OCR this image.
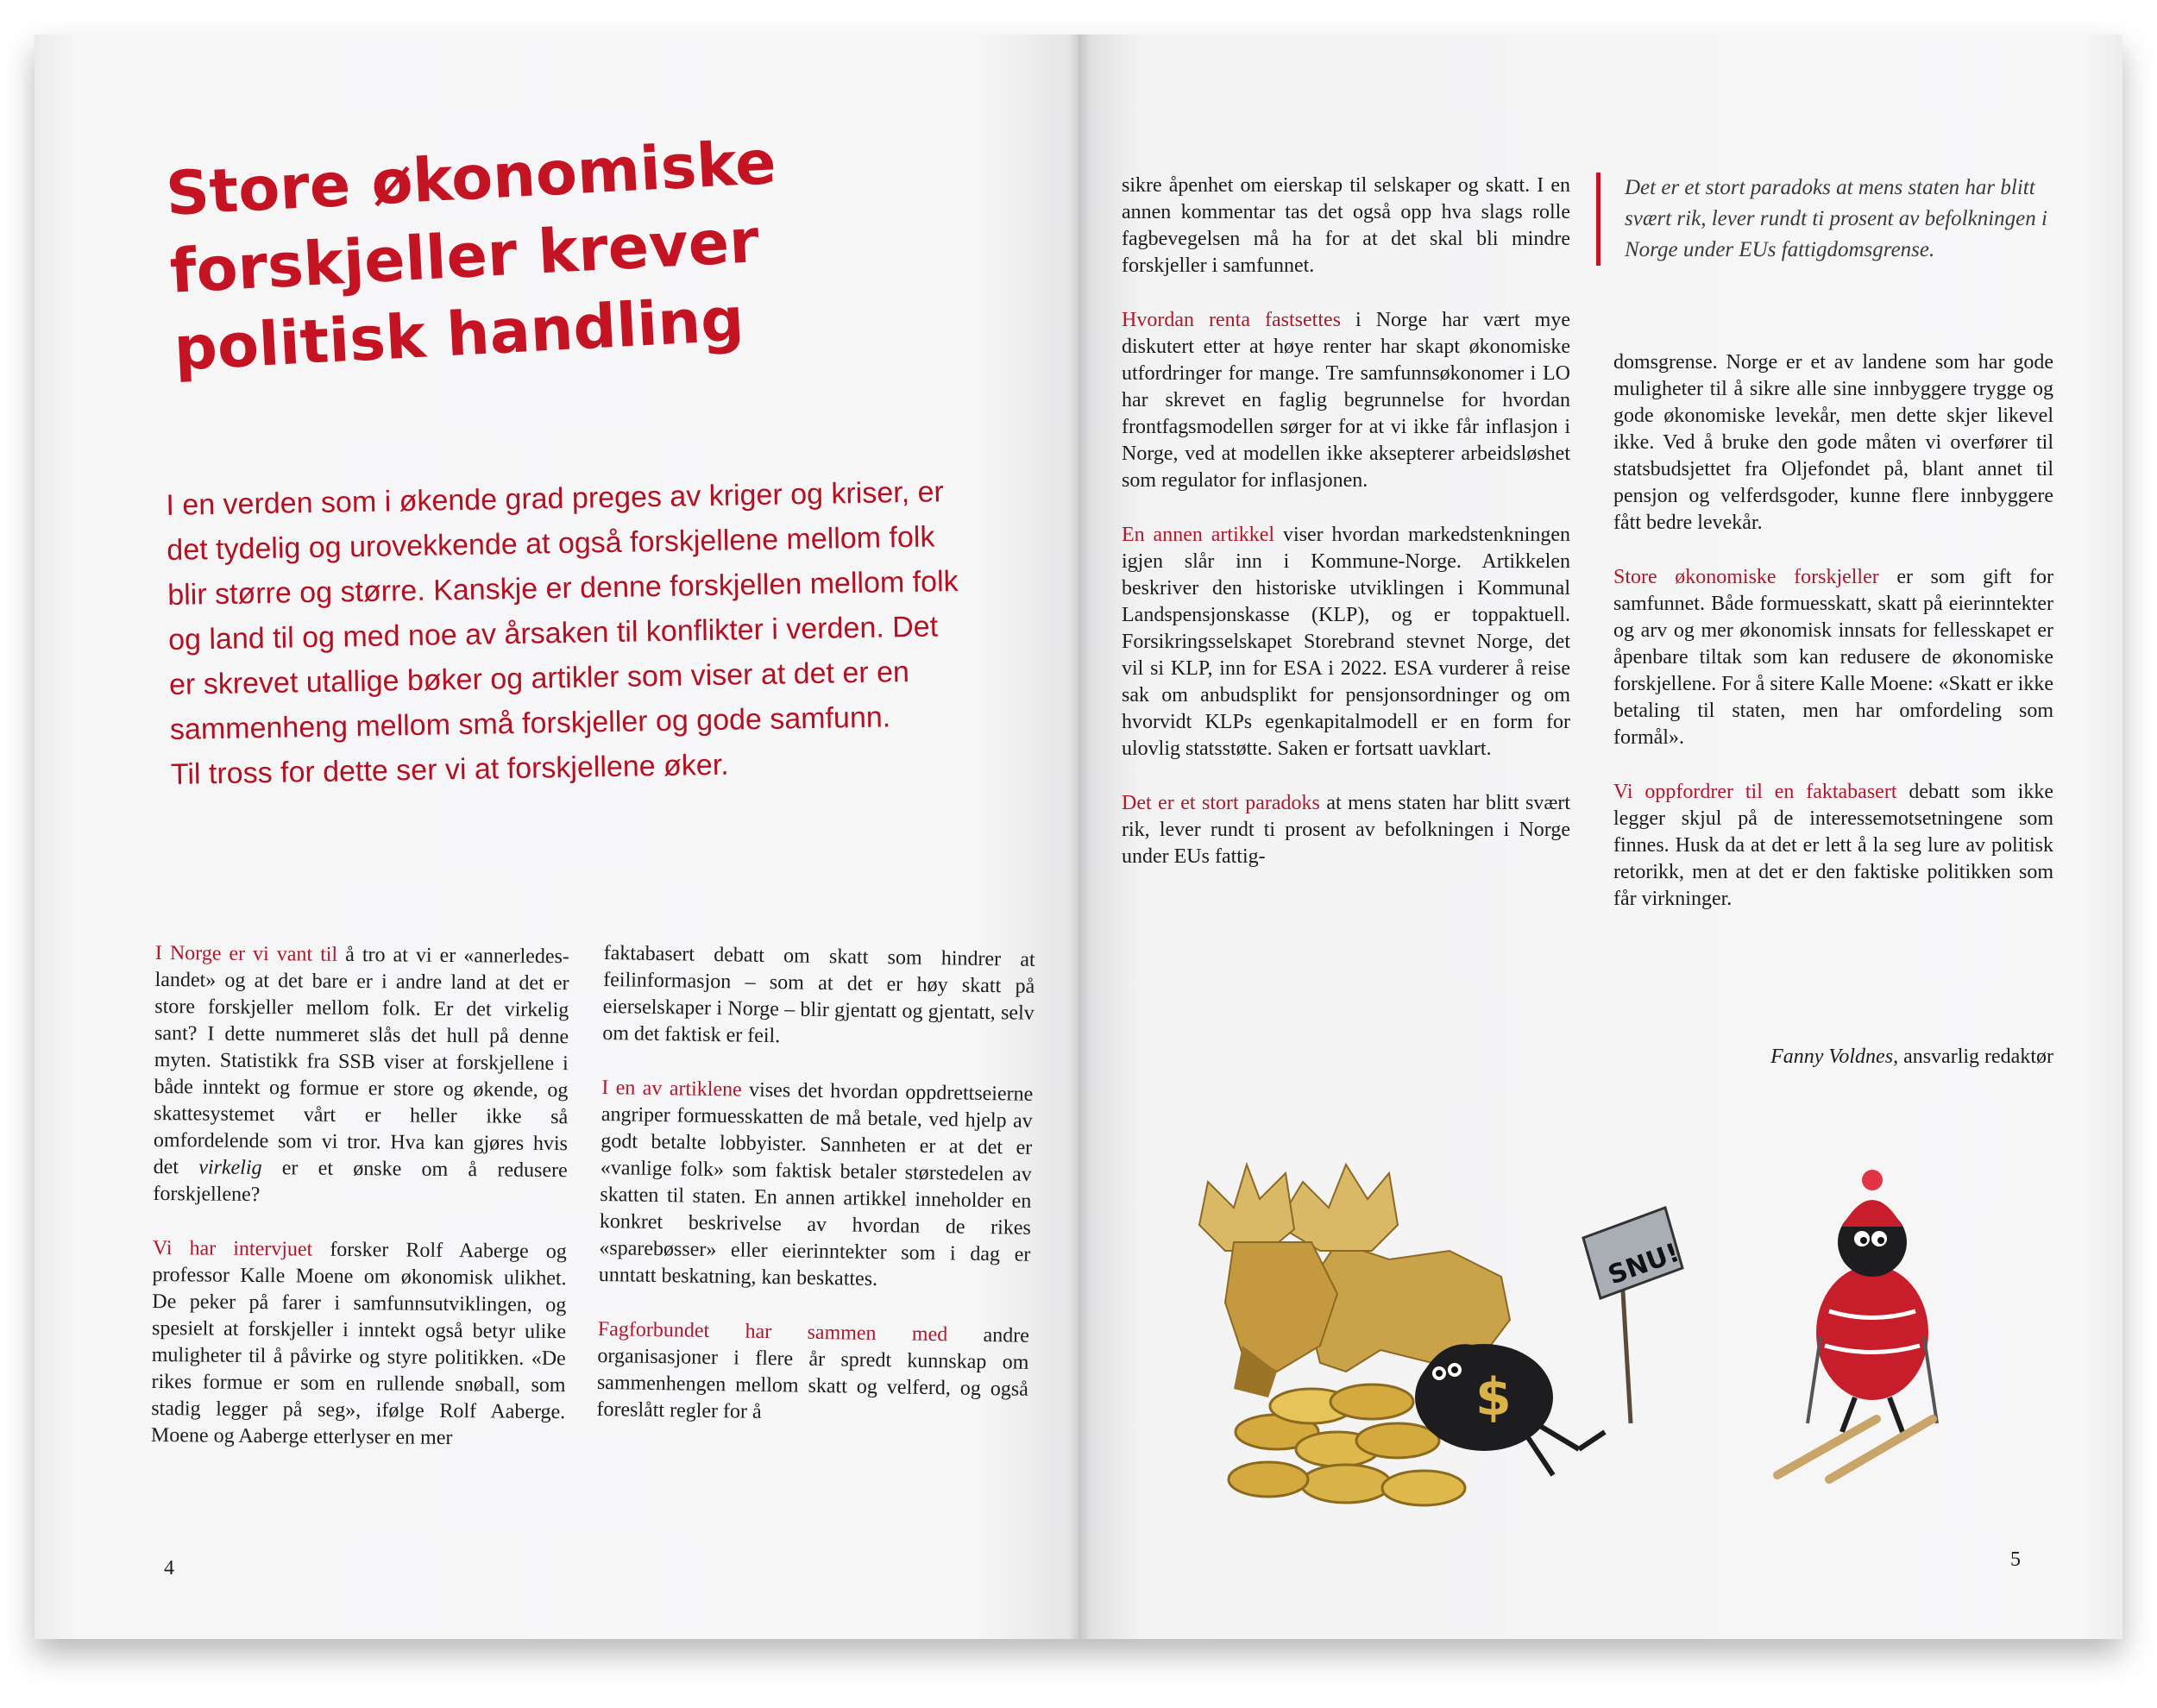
Store økonomiske
forskjeller krever
politisk handling

I en verden som i økende grad preges av kriger og kriser, er
det tydelig og urovekkende at også forskjellene mellom folk
blir større og større. Kanskje er denne forskjellen mellom folk
og land til og med noe av årsaken til konflikter i verden. Det
er skrevet utallige bøker og artikler som viser at det er en
sammenheng mellom små forskjeller og gode samfunn.
Til tross for dette ser vi at forskjellene øker.

I Norge er vi vant til å tro at vi er «annerledes-landet» og at det bare er i andre land at det er store forskjeller mellom folk. Er det virkelig sant? I dette nummeret slås det hull på denne myten. Statistikk fra SSB viser at forskjellene i både inntekt og formue er store og økende, og skattesystemet vårt er heller ikke så omfordelende som vi tror. Hva kan gjøres hvis det virkelig er et ønske om å redusere forskjellene?

Vi har intervjuet forsker Rolf Aaberge og professor Kalle Moene om økonomisk ulikhet. De peker på farer i samfunnsutviklingen, og spesielt at forskjeller i inntekt også betyr ulike muligheter til å påvirke og styre politikken. «De rikes formue er som en rullende snøball, som stadig legger på seg», ifølge Rolf Aaberge. Moene og Aaberge etterlyser en mer

faktabasert debatt om skatt som hindrer at feilinformasjon – som at det er høy skatt på eierselskaper i Norge – blir gjentatt og gjentatt, selv om det faktisk er feil.

I en av artiklene vises det hvordan oppdrettseierne angriper formuesskatten de må betale, ved hjelp av godt betalte lobbyister. Sannheten er at det er «vanlige folk» som faktisk betaler størstedelen av skatten til staten. En annen artikkel inneholder en konkret beskrivelse av hvordan de rikes «sparebøsser» eller eierinntekter som i dag er unntatt beskatning, kan beskattes.

Fagforbundet har sammen med andre organisasjoner i flere år spredt kunnskap om sammenhengen mellom skatt og velferd, og også foreslått regler for å

4

sikre åpenhet om eierskap til selskaper og skatt. I en annen kommentar tas det også opp hva slags rolle fagbevegelsen må ha for at det skal bli mindre forskjeller i samfunnet.

Hvordan renta fastsettes i Norge har vært mye diskutert etter at høye renter har skapt økonomiske utfordringer for mange. Tre samfunnsøkonomer i LO har skrevet en faglig begrunnelse for hvordan frontfagsmodellen sørger for at vi ikke får inflasjon i Norge, ved at modellen ikke aksepterer arbeidsløshet som regulator for inflasjonen.

En annen artikkel viser hvordan markedstenkningen igjen slår inn i Kommune-Norge. Artikkelen beskriver den historiske utviklingen i Kommunal Landspensjonskasse (KLP), og er toppaktuell. Forsikringsselskapet Storebrand stevnet Norge, det vil si KLP, inn for ESA i 2022. ESA vurderer å reise sak om anbudsplikt for pensjonsordninger og om hvorvidt KLPs egenkapitalmodell er en form for ulovlig statsstøtte. Saken er fortsatt uavklart.

Det er et stort paradoks at mens staten har blitt svært rik, lever rundt ti prosent av befolkningen i Norge under EUs fattig-

Det er et stort paradoks at mens staten har blitt svært rik, lever rundt ti prosent av befolkningen i Norge under EUs fattigdomsgrense.

domsgrense. Norge er et av landene som har gode muligheter til å sikre alle sine innbyggere trygge og gode økonomiske levekår, men dette skjer likevel ikke. Ved å bruke den gode måten vi overfører til statsbudsjettet fra Oljefondet på, blant annet til pensjon og velferdsgoder, kunne flere innbyggere fått bedre levekår.

Store økonomiske forskjeller er som gift for samfunnet. Både formuesskatt, skatt på eierinntekter og arv og mer økonomisk innsats for fellesskapet er åpenbare tiltak som kan redusere de økonomiske forskjellene. For å sitere Kalle Moene: «Skatt er ikke betaling til staten, men har omfordeling som formål».

Vi oppfordrer til en faktabasert debatt som ikke legger skjul på de interessemotsetningene som finnes. Husk da at det er lett å la seg lure av politisk retorikk, men at det er den faktiske politikken som får virkninger.

Fanny Voldnes, ansvarlig redaktør
$
SNU!
5
